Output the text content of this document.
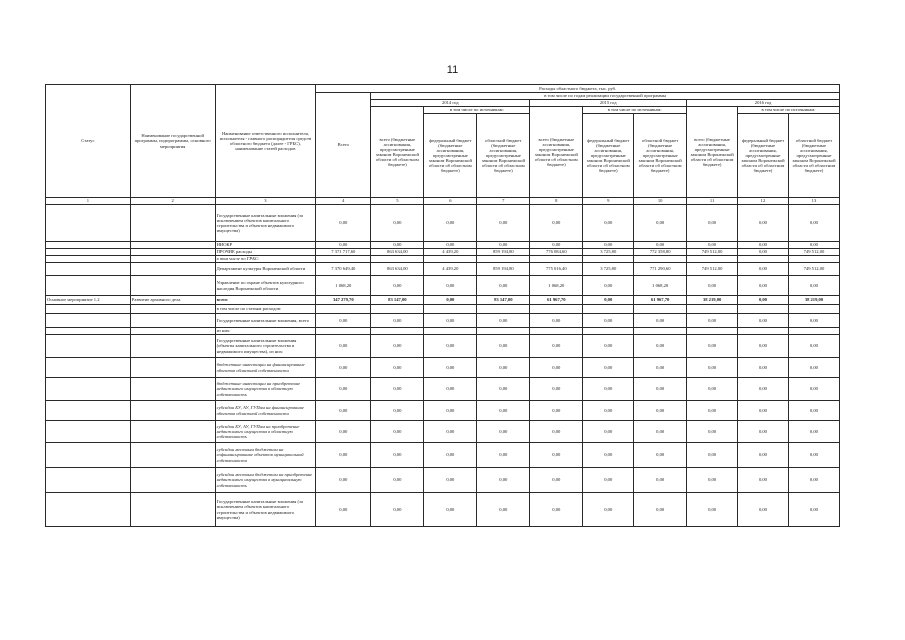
11
Статус	Наименование государственной программы, подпрограммы, основного мероприятия	Наименование ответственного исполнителя, исполнителя - главного распорядителя средств областного бюджета (далее - ГРБС), наименование статей расходов	Расходы областного бюджета, тыс. руб.									
			Всего	в том числе по годам реализации государственной программы								
				2014 год			2015 год			2016 год		
				всего (бюджетные ассигнования, предусмотренные законом Воронежской области об областном бюджете)	в том числе по источникам:		всего (бюджетные ассигнования, предусмотренные законом Воронежской области об областном бюджете)	в том числе по источникам:		всего (бюджетные ассигнования, предусмотренные законом Воронежской области об областном бюджете)	в том числе по источникам:	
					федеральный бюджет (бюджетные ассигнования, предусмотренные законом Воронежской области об областном бюджете)	областной бюджет (бюджетные ассигнования, предусмотренные законом Воронежской области об областном бюджете)		федеральный бюджет (бюджетные ассигнования, предусмотренные законом Воронежской области об областном бюджете)	областной бюджет (бюджетные ассигнования, предусмотренные законом Воронежской области об областном бюджете)		федеральный бюджет (бюджетные ассигнования, предусмотренные законом Воронежской области об областном бюджете)	областной бюджет (бюджетные ассигнования, предусмотренные законом Воронежской области об областном бюджете)
1	2	3	4	5	6	7	8	9	10	11	12	13
		Государственные капитальные вложения (за исключением объектов капитального строительства и объектов недвижимого имущества)	0,00	0,00	0,00	0,00	0,00	0,00	0,00	0,00	0,00	0,00
		НИОКР	0,00	0,00	0,00	0,00	0,00	0,00	0,00	0,00	0,00	0,00
		ПРОЧИЕ расходы	7 371 717,60	863 634,00	4 439,20	859 194,80	776 084,60	3 725,80	772 358,80	749 512,00	0,00	749 512,00
		в том числе по ГРБС:										
		Департамент культуры Воронежской области	7 370 649,40	863 634,00	4 439,20	859 194,80	775 016,40	3 725,80	771 290,60	749 512,00	0,00	749 512,00
		Управление по охране объектов культурного наследия Воронежской области	1 068,20	0,00	0,00	0,00	1 068,20	0,00	1 068,20	0,00	0,00	0,00
Основное мероприятие 1.2	Развитие архивного дела	всего	347 279,70	83 147,00	0,00	83 147,00	61 967,70	0,00	61 967,70	38 219,00	0,00	38 219,00
		в том числе по статьям расходов:										
		Государственные капитальные вложения, всего	0,00	0,00	0,00	0,00	0,00	0,00	0,00	0,00	0,00	0,00
		из них:										
		Государственные капитальные вложения (объекты капитального строительства и недвижимого имущества), из них:	0,00	0,00	0,00	0,00	0,00	0,00	0,00	0,00	0,00	0,00
		бюджетные инвестиции на финансирование объектов областной собственности	0,00	0,00	0,00	0,00	0,00	0,00	0,00	0,00	0,00	0,00
		бюджетные инвестиции на приобретение недвижимого имущества в областную собственность	0,00	0,00	0,00	0,00	0,00	0,00	0,00	0,00	0,00	0,00
		субсидии БУ, АУ, ГУПам на финансирование объектов областной собственности	0,00	0,00	0,00	0,00	0,00	0,00	0,00	0,00	0,00	0,00
		субсидии БУ, АУ, ГУПам на приобретение недвижимого имущества в областную собственность	0,00	0,00	0,00	0,00	0,00	0,00	0,00	0,00	0,00	0,00
		субсидии местным бюджетам на софинансирование объектов муниципальной собственности	0,00	0,00	0,00	0,00	0,00	0,00	0,00	0,00	0,00	0,00
		субсидии местным бюджетам на приобретение недвижимого имущества в муниципальную собственность	0,00	0,00	0,00	0,00	0,00	0,00	0,00	0,00	0,00	0,00
		Государственные капитальные вложения (за исключением объектов капитального строительства и объектов недвижимого имущества)	0,00	0,00	0,00	0,00	0,00	0,00	0,00	0,00	0,00	0,00
